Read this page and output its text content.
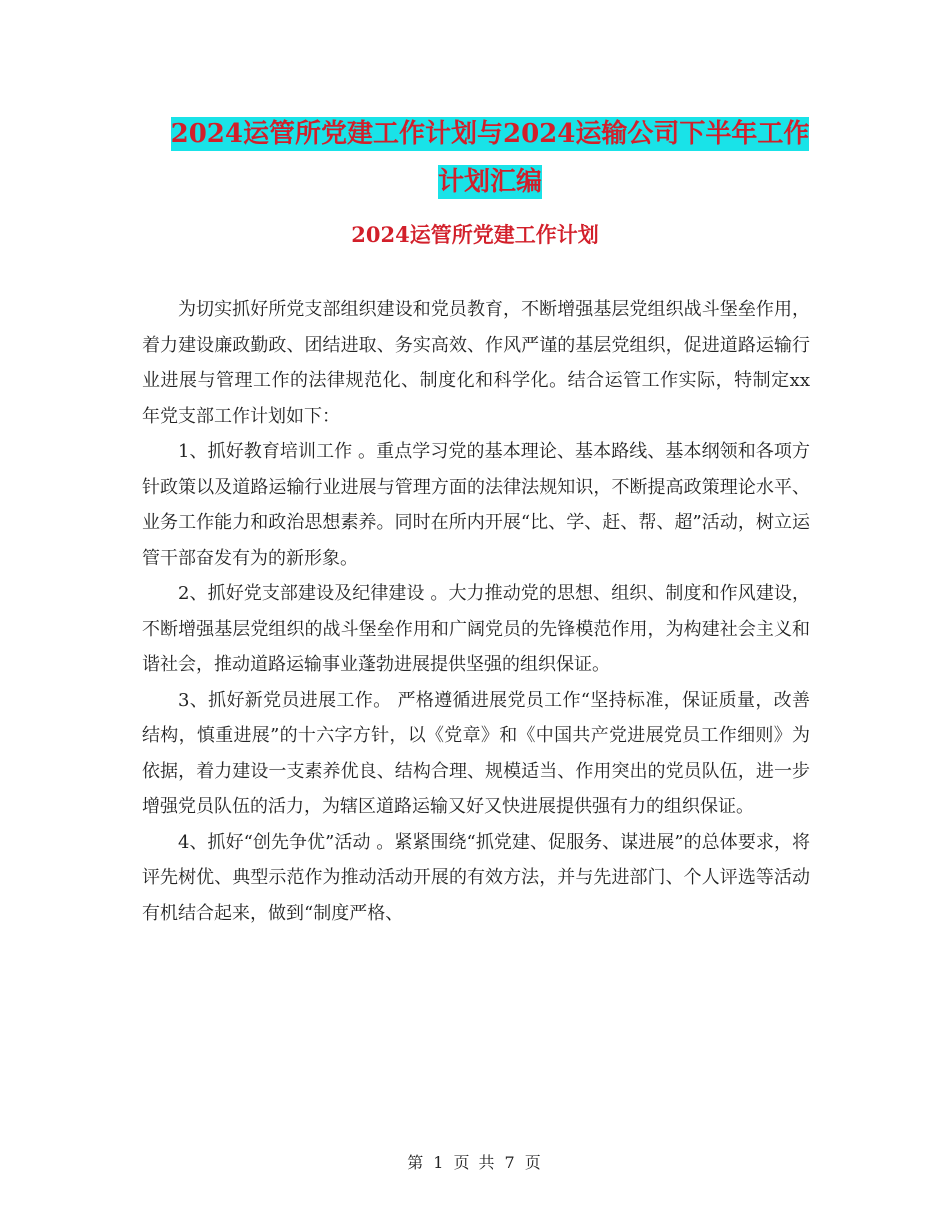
2024运管所党建工作计划与2024运输公司下半年工作
计划汇编
2024运管所党建工作计划

为切实抓好所党支部组织建设和党员教育，不断增强基层党组织战斗堡垒作用，着力建设廉政勤政、团结进取、务实高效、作风严谨的基层党组织，促进道路运输行业进展与管理工作的法律规范化、制度化和科学化。结合运管工作实际，特制定xx年党支部工作计划如下：

1、抓好教育培训工作 。重点学习党的基本理论、基本路线、基本纲领和各项方针政策以及道路运输行业进展与管理方面的法律法规知识，不断提高政策理论水平、业务工作能力和政治思想素养。同时在所内开展“比、学、赶、帮、超”活动，树立运管干部奋发有为的新形象。

2、抓好党支部建设及纪律建设 。大力推动党的思想、组织、制度和作风建设，不断增强基层党组织的战斗堡垒作用和广阔党员的先锋模范作用，为构建社会主义和谐社会，推动道路运输事业蓬勃进展提供坚强的组织保证。

3、抓好新党员进展工作。 严格遵循进展党员工作“坚持标准，保证质量，改善结构，慎重进展”的十六字方针，以《党章》和《中国共产党进展党员工作细则》为依据，着力建设一支素养优良、结构合理、规模适当、作用突出的党员队伍，进一步增强党员队伍的活力，为辖区道路运输又好又快进展提供强有力的组织保证。

4、抓好“创先争优”活动 。紧紧围绕“抓党建、促服务、谋进展”的总体要求，将评先树优、典型示范作为推动活动开展的有效方法，并与先进部门、个人评选等活动有机结合起来，做到“制度严格、

第 1 页 共 7 页
